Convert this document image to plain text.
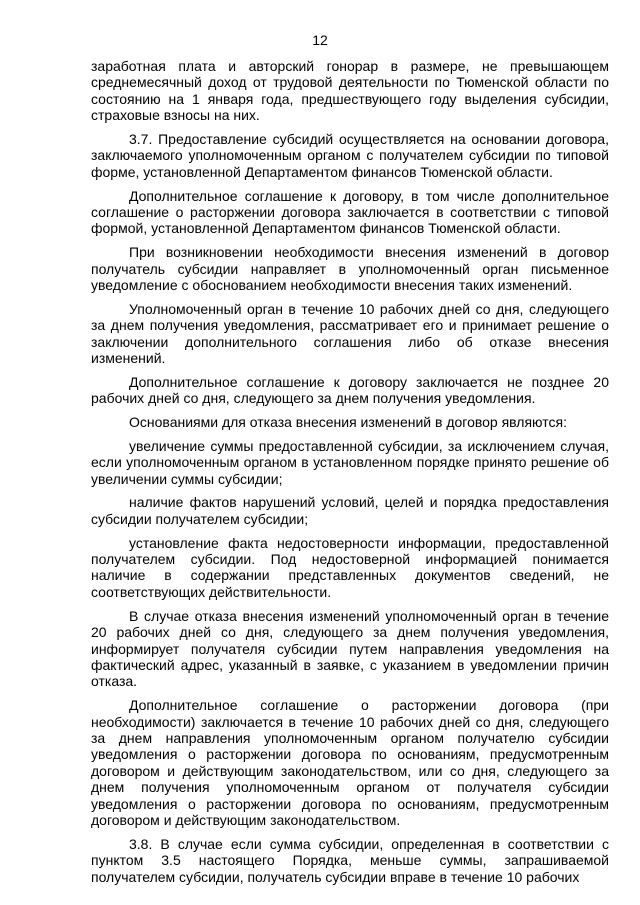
12

заработная плата и авторский гонорар в размере, не превышающем среднемесячный доход от трудовой деятельности по Тюменской области по состоянию на 1 января года, предшествующего году выделения субсидии, страховые взносы на них.

3.7. Предоставление субсидий осуществляется на основании договора, заключаемого уполномоченным органом с получателем субсидии по типовой форме, установленной Департаментом финансов Тюменской области.

Дополнительное соглашение к договору, в том числе дополнительное соглашение о расторжении договора заключается в соответствии с типовой формой, установленной Департаментом финансов Тюменской области.

При возникновении необходимости внесения изменений в договор получатель субсидии направляет в уполномоченный орган письменное уведомление с обоснованием необходимости внесения таких изменений.

Уполномоченный орган в течение 10 рабочих дней со дня, следующего за днем получения уведомления, рассматривает его и принимает решение о заключении дополнительного соглашения либо об отказе внесения изменений.

Дополнительное соглашение к договору заключается не позднее 20 рабочих дней со дня, следующего за днем получения уведомления.

Основаниями для отказа внесения изменений в договор являются:

увеличение суммы предоставленной субсидии, за исключением случая, если уполномоченным органом в установленном порядке принято решение об увеличении суммы субсидии;

наличие фактов нарушений условий, целей и порядка предоставления субсидии получателем субсидии;

установление факта недостоверности информации, предоставленной получателем субсидии. Под недостоверной информацией понимается наличие в содержании представленных документов сведений, не соответствующих действительности.

В случае отказа внесения изменений уполномоченный орган в течение 20 рабочих дней со дня, следующего за днем получения уведомления, информирует получателя субсидии путем направления уведомления на фактический адрес, указанный в заявке, с указанием в уведомлении причин отказа.

Дополнительное соглашение о расторжении договора (при необходимости) заключается в течение 10 рабочих дней со дня, следующего за днем направления уполномоченным органом получателю субсидии уведомления о расторжении договора по основаниям, предусмотренным договором и действующим законодательством, или со дня, следующего за днем получения уполномоченным органом от получателя субсидии уведомления о расторжении договора по основаниям, предусмотренным договором и действующим законодательством.

3.8. В случае если сумма субсидии, определенная в соответствии с пунктом 3.5 настоящего Порядка, меньше суммы, запрашиваемой получателем субсидии, получатель субсидии вправе в течение 10 рабочих
